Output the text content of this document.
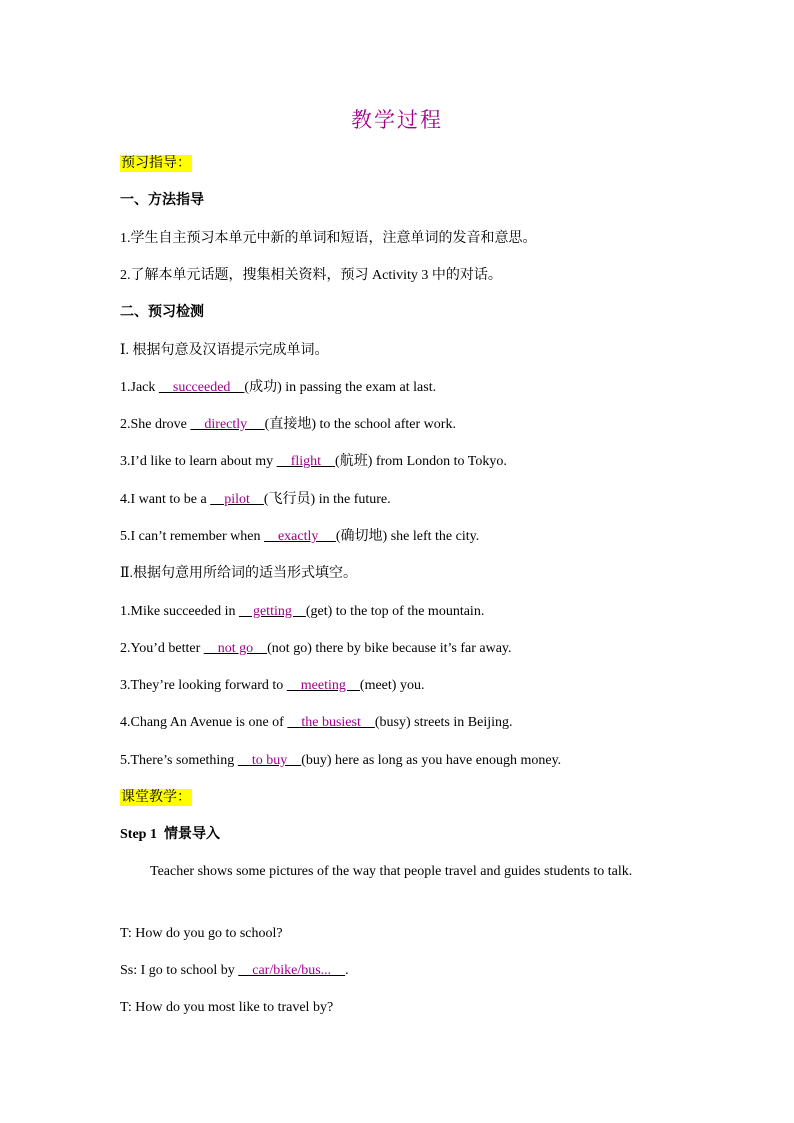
教学过程
预习指导：
一、方法指导
1.学生自主预习本单元中新的单词和短语，注意单词的发音和意思。
2.了解本单元话题，搜集相关资料，预习 Activity 3 中的对话。
二、预习检测
Ⅰ. 根据句意及汉语提示完成单词。
1.Jack     succeeded    (成功) in passing the exam at last.
2.She drove     directly     (直接地) to the school after work.
3.I’d like to learn about my     flight    (航班) from London to Tokyo.
4.I want to be a     pilot    (飞行员) in the future.
5.I can’t remember when     exactly     (确切地) she left the city.
Ⅱ.根据句意用所给词的适当形式填空。
1.Mike succeeded in     getting    (get) to the top of the mountain.
2.You’d better     not go    (not go) there by bike because it’s far away.
3.They’re looking forward to     meeting    (meet) you.
4.Chang An Avenue is one of     the busiest    (busy) streets in Beijing.
5.There’s something     to buy    (buy) here as long as you have enough money.
课堂教学：
Step 1 情景导入
Teacher shows some pictures of the way that people travel and guides students to talk.
T: How do you go to school?
Ss: I go to school by     car/bike/bus...    .
T: How do you most like to travel by?
